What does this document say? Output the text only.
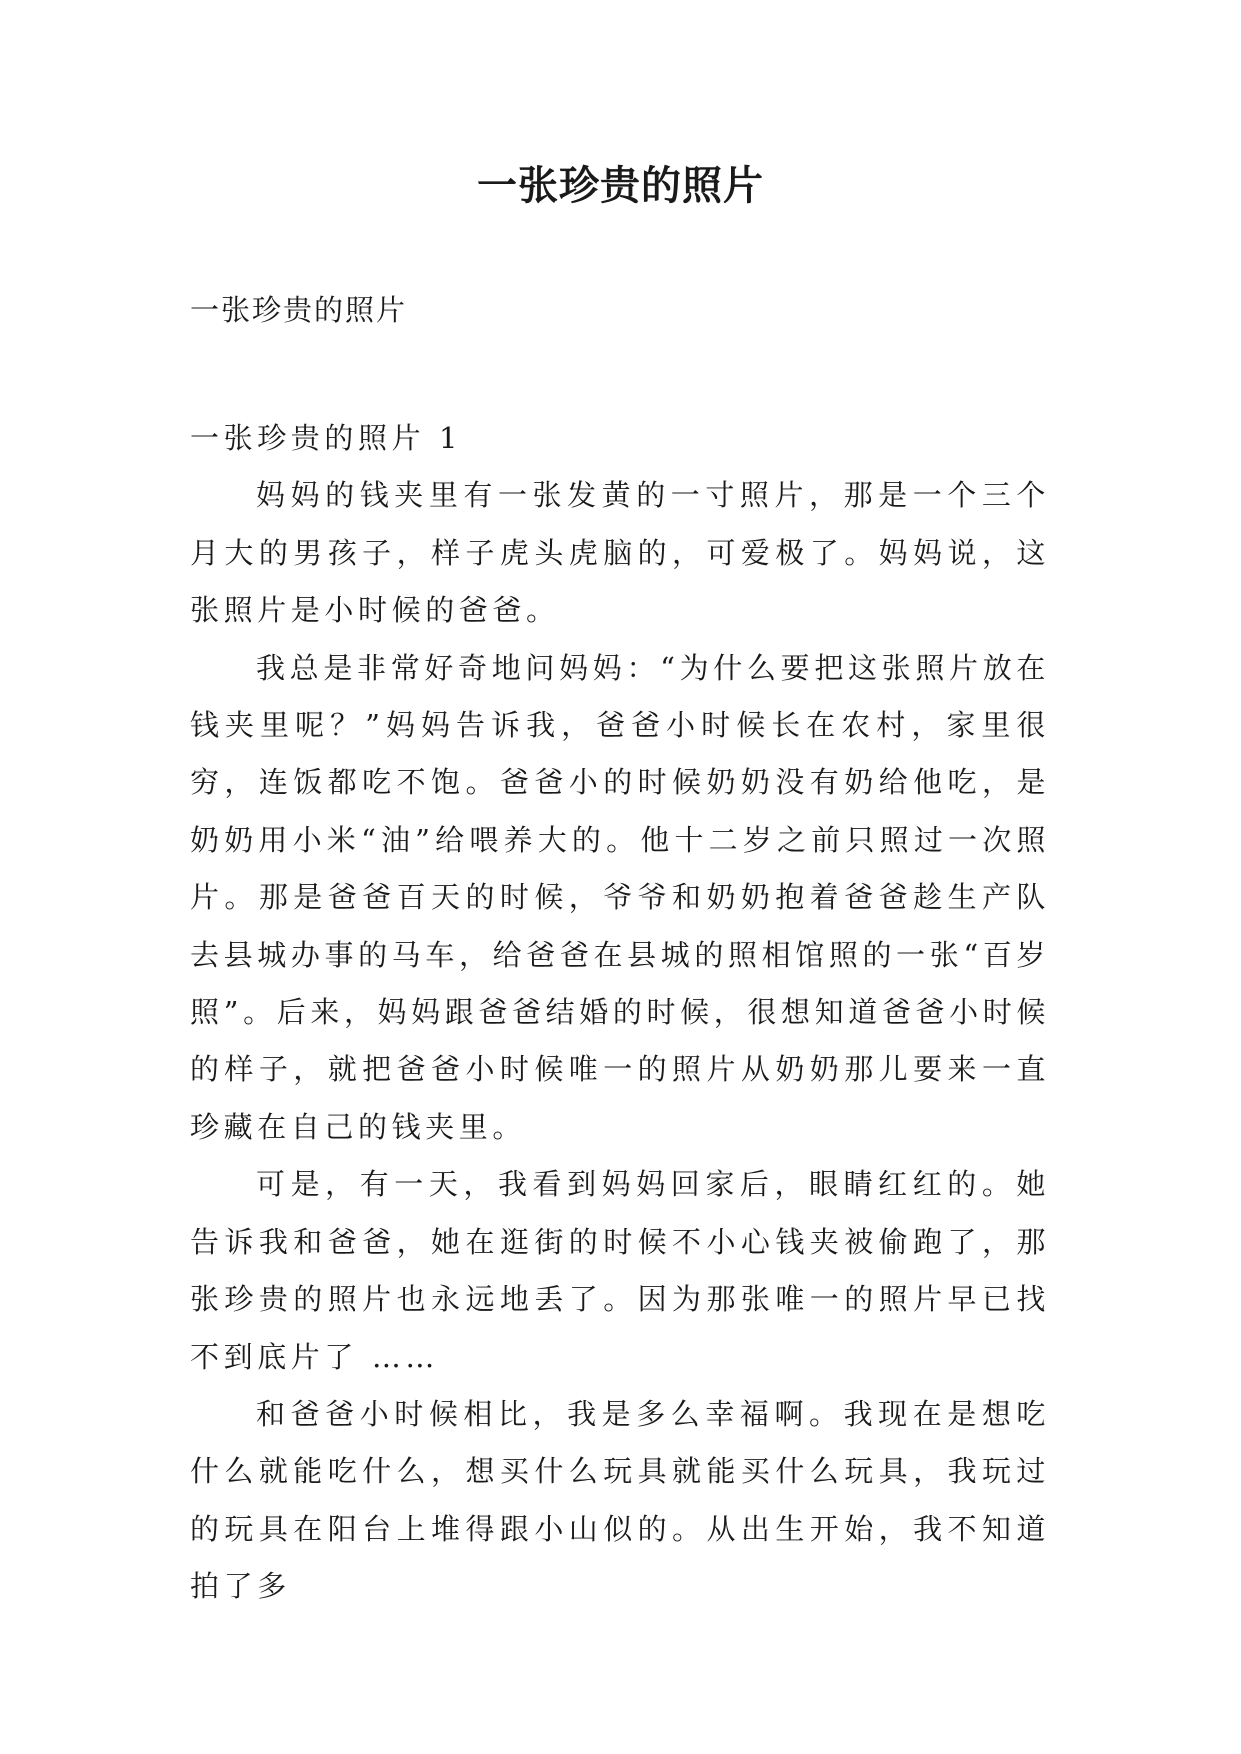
一张珍贵的照片

一张珍贵的照片

一张珍贵的照片 1

妈妈的钱夹里有一张发黄的一寸照片，那是一个三个月大的男孩子，样子虎头虎脑的，可爱极了。妈妈说，这张照片是小时候的爸爸。

我总是非常好奇地问妈妈：“为什么要把这张照片放在钱夹里呢？”妈妈告诉我，爸爸小时候长在农村，家里很穷，连饭都吃不饱。爸爸小的时候奶奶没有奶给他吃，是奶奶用小米“油”给喂养大的。他十二岁之前只照过一次照片。那是爸爸百天的时候，爷爷和奶奶抱着爸爸趁生产队去县城办事的马车，给爸爸在县城的照相馆照的一张“百岁照”。后来，妈妈跟爸爸结婚的时候，很想知道爸爸小时候的样子，就把爸爸小时候唯一的照片从奶奶那儿要来一直珍藏在自己的钱夹里。

可是，有一天，我看到妈妈回家后，眼睛红红的。她告诉我和爸爸，她在逛街的时候不小心钱夹被偷跑了，那张珍贵的照片也永远地丢了。因为那张唯一的照片早已找不到底片了 ……

和爸爸小时候相比，我是多么幸福啊。我现在是想吃什么就能吃什么，想买什么玩具就能买什么玩具，我玩过的玩具在阳台上堆得跟小山似的。从出生开始，我不知道拍了多
